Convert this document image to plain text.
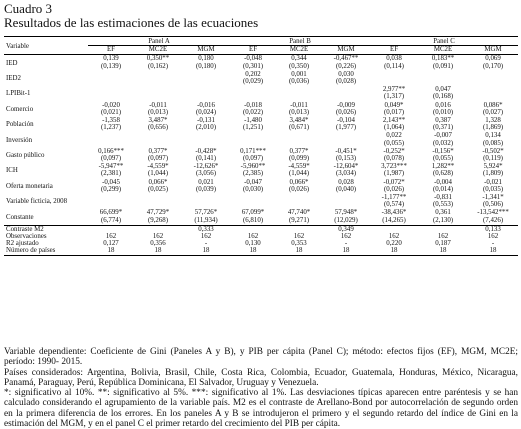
Cuadro 3
Resultados de las estimaciones de las ecuaciones
Variable	Panel A			Panel B			Panel C		
	EF	MC2E	MGM	EF	MC2E	MGM	EF	MC2E	MGM
IED	0,139	0,350**	0,180	-0,048	0,344	-0,467**	0,038	0,183**	0,069
	(0,139)	(0,162)	(0,180)	(0,301)	(0,350)	(0,226)	(0,114)	(0,091)	(0,170)
IED2				0,202	0,001	0,030			
				(0,029)	(0,036)	(0,028)			
LPIBit-1							2,977**	0,047	
							(1,317)	(0,168)	
Comercio	-0,020	-0,011	-0,016	-0,018	-0,011	-0,009	0,049*	0,016	0,086*
	(0,021)	(0,013)	(0,024)	(0,022)	(0,013)	(0,026)	(0,017)	(0,010)	(0,027)
Población	-1,358	3,487*	-0,131	-1,480	3,484*	-0,104	2,143**	0,387	1,328
	(1,237)	(0,656)	(2,010)	(1,251)	(0,671)	(1,977)	(1,064)	(0,371)	(1,869)
Inversión							0,022	-0,007	0,134
							(0,055)	(0,032)	(0,085)
Gasto público	0,166***	0,377*	-0,428*	0,171***	0,377*	-0,451*	-0,252*	-0,156*	-0,502*
	(0,097)	(0,097)	(0,141)	(0,097)	(0,099)	(0,153)	(0,078)	(0,055)	(0,119)
ICH	-5,947**	-4,559*	-12,626*	-5,960**	-4,559*	-12,604*	3,723***	1,282**	5,924*
	(2,381)	(1,044)	(3,056)	(2,385)	(1,044)	(3,034)	(1,987)	(0,628)	(1,809)
Oferta monetaria	-0,045	0,066*	0,021	-0,047	0,066*	0,028	-0,072*	-0,004	-0,021
	(0,299)	(0,025)	(0,039)	(0,030)	(0,026)	(0,040)	(0,026)	(0,014)	(0,035)
Variable ficticia, 2008							-1,177**	-0,831	-1,341*
							(0,574)	(0,553)	(0,506)
Constante	66,699*	47,729*	57,726*	67,099*	47,740*	57,948*	-38,436*	0,361	-13,542***
	(6,774)	(9,268)	(11,934)	(6,810)	(9,271)	(12,029)	(14,265)	(2,130)	(7,426)
Contraste M2			0,333			0,349			0,133
Observaciones	162	162	162	162	162	162	162	162	162
R2 ajustado	0,127	0,356	-	0,130	0,353	-	0,220	0,187	-
Número de países	18	18	18	18	18	18	18	18	18

Variable dependiente: Coeficiente de Gini (Paneles A y B), y PIB per cápita (Panel C); método: efectos fijos (EF), MGM, MC2E; período: 1990- 2015.

Países considerados: Argentina, Bolivia, Brasil, Chile, Costa Rica, Colombia, Ecuador, Guatemala, Honduras, México, Nicaragua, Panamá, Paraguay, Perú, República Dominicana, El Salvador, Uruguay y Venezuela.

*: significativo al 10%. **: significativo al 5%. ***: significativo al 1%. Las desviaciones típicas aparecen entre paréntesis y se han calculado considerando el agrupamiento de la variable país. M2 es el contraste de Arellano-Bond por autocorrelación de segundo orden en la primera diferencia de los errores. En los paneles A y B se introdujeron el primero y el segundo retardo del índice de Gini en la estimación del MGM, y en el panel C el primer retardo del crecimiento del PIB per cápita.
